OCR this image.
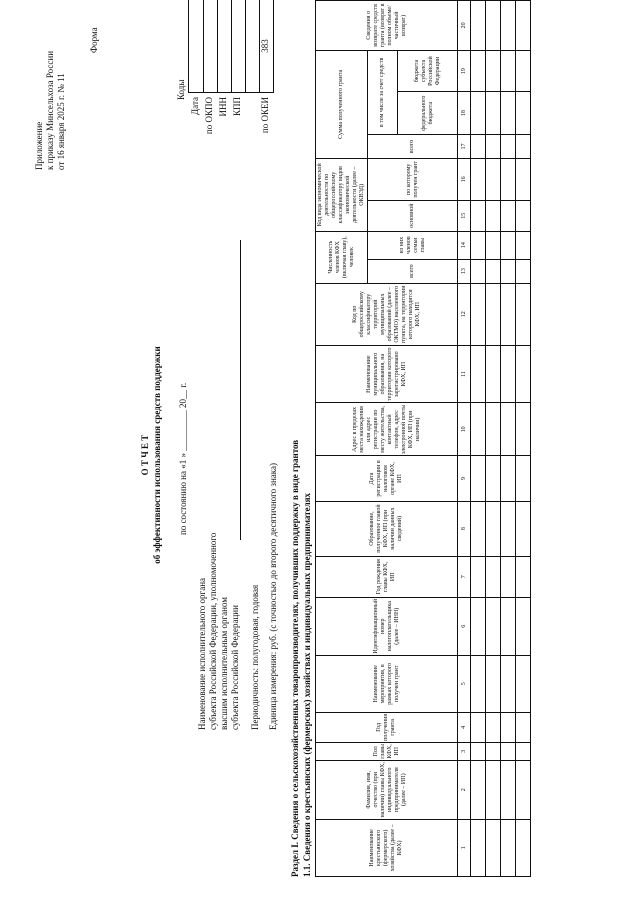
Приложение к приказу Минсельхоза России от 16 января 2025 г. № 11
Форма
О Т Ч Е Т об эффективности использования средств поддержки по состоянию на «1 » _________ 20__ г.
Коды
Дата по ОКПО ИНН КПП по ОКЕИ
383
Наименование исполнительного органа субъекта Российской Федерации, уполномоченного высшим исполнительным органом субъекта Российской Федерации Периодичность: полугодовая, годовая Единица измерения: руб. (с точностью до второго десятичного знака) Раздел I. Сведения о сельскохозяйственных товаропроизводителях, получивших поддержку в виде грантов 1.1. Сведения о крестьянских (фермерских) хозяйствах и индивидуальных предпринимателях	Наименование крестьянского (фермерского) хозяйства (далее – КФХ)	Фамилия, имя, отчество (при наличии) главы КФХ, индивидуального предпринимателя (далее – ИП)	Пол главы КФХ, ИП	Год получения гранта	Наименование мероприятия, в рамках которого получен грант	Идентификационный номер налогоплательщика (далее – ИНН)	Год рождения главы КФХ, ИП	Образование, полученное главой КФХ, ИП (при наличии данных сведений)	Дата регистрации в налоговом органе КФХ, ИП	Адрес в пределах места нахождения или адрес регистрации по месту жительства, контактный телефон, адрес электронной почты КФХ, ИП (при наличии)	Наименование муниципального образования, на территории которого зарегистрировано КФХ, ИП	Код по общероссийскому классификатору территорий муниципальных образований (далее – ОКТМО) населенного пункта, на территории которого находится КФХ, ИП	Численность членов КФХ (включая главу), человек		Код вида экономической деятельности по общероссийскому классификатору видов экономической деятельности (далее – ОКВЭД)		Сумма полученного гранта			Сведения о возврате средств гранта (возврат в полном объеме/частичный возврат)
												всего	из них членов семьи главы	основной	по которому получен грант	всего	в том числе за счет средств		
																	федерального бюджета	бюджета субъекта Российской Федерации	
1	2	3	4	5	6	7	8	9	10	11	12	13	14	15	16	17	18	19	20
